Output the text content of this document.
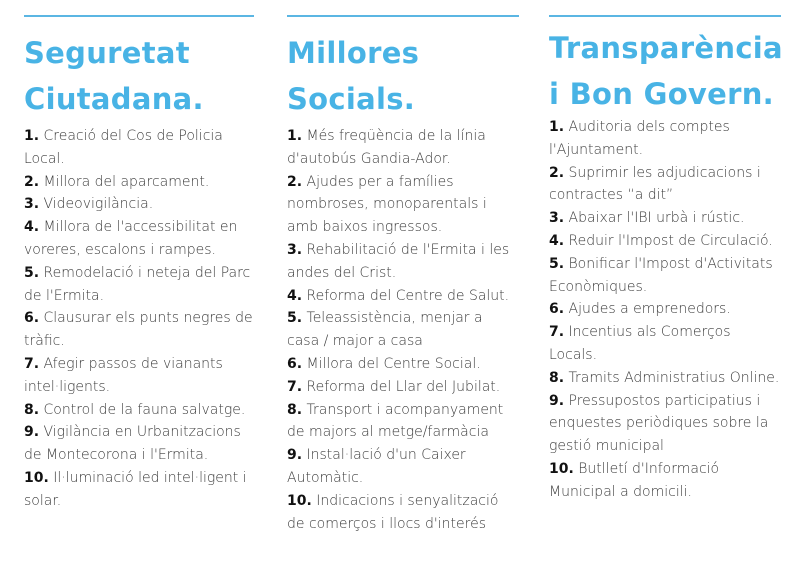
Seguretat
Ciutadana.
1. Creació del Cos de Policia Local.
2. Millora del aparcament.
3. Videovigilància.
4. Millora de l'accessibilitat en voreres, escalons i rampes.
5. Remodelació i neteja del Parc de l'Ermita.
6. Clausurar els punts negres de tràfic.
7. Afegir passos de vianants intel·ligents.
8. Control de la fauna salvatge.
9. Vigilància en Urbanitzacions de Montecorona i l'Ermita.
10. Il·luminació led intel·ligent i solar.
Millores
Socials.
1. Més freqüència de la línia d'autobús Gandia-Ador.
2. Ajudes per a famílies nombroses, monoparentals i amb baixos ingressos.
3. Rehabilitació de l'Ermita i les andes del Crist.
4. Reforma del Centre de Salut.
5. Teleassistència, menjar a casa / major a casa
6. Millora del Centre Social.
7. Reforma del Llar del Jubilat.
8. Transport i acompanyament de majors al metge/farmàcia
9. Instal·lació d'un Caixer Automàtic.
10. Indicacions i senyalització de comerços i llocs d'interés
Transparència
i Bon Govern.
1. Auditoria dels comptes l'Ajuntament.
2. Suprimir les adjudicacions i contractes “a dit”
3. Abaixar l'IBI urbà i rústic.
4. Reduir l'Impost de Circulació.
5. Bonificar l'Impost d'Activitats Econòmiques.
6. Ajudes a emprenedors.
7. Incentius als Comerços Locals.
8. Tramits Administratius Online.
9. Pressupostos participatius i enquestes periòdiques sobre la gestió municipal
10. Butlletí d'Informació Municipal a domicili.
